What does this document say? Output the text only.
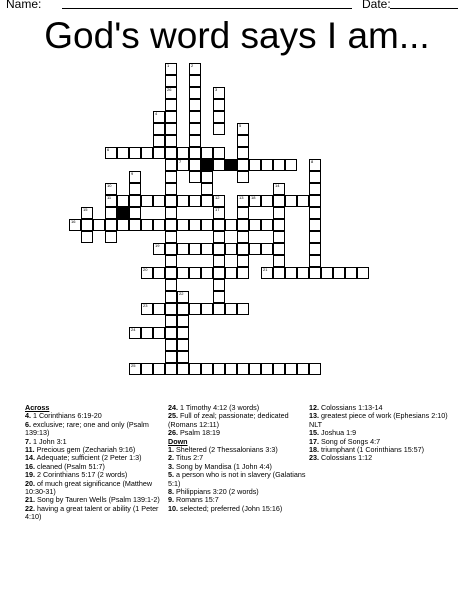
Name:	Date:
God's word says I am...
1
26
2
3
4
5
8
9
17
13
14
10
11
15
22
6
7
16
18
19
20	21
23
24
25
12

Across

4. 1 Corinthians 6:19-20

6. exclusive; rare; one and only (Psalm 139:13)

7. 1 John 3:1

11. Precious gem (Zechariah 9:16)

14. Adequate; sufficient (2 Peter 1:3)

16. cleaned (Psalm 51:7)

19. 2 Corinthians 5:17 (2 words)

20. of much great significance (Matthew 10:30-31)

21. Song by Tauren Wells (Psalm 139:1-2)

22. having a great talent or ability (1 Peter 4:10)

24. 1 Timothy 4:12 (3 words)

25. Full of zeal; passionate; dedicated (Romans 12:11)

26. Psalm 18:19

Down

1. Sheltered (2 Thessalonians 3:3)

2. Titus 2:7

3. Song by Mandisa (1 John 4:4)

5. a person who is not in slavery (Galatians 5:1)

8. Philippians 3:20 (2 words)

9. Romans 15:7

10. selected; preferred (John 15:16)

12. Colossians 1:13-14

13. greatest piece of work (Ephesians 2:10) NLT

15. Joshua 1:9

17. Song of Songs 4:7

18. triumphant (1 Corinthians 15:57)

23. Colossians 1:12
